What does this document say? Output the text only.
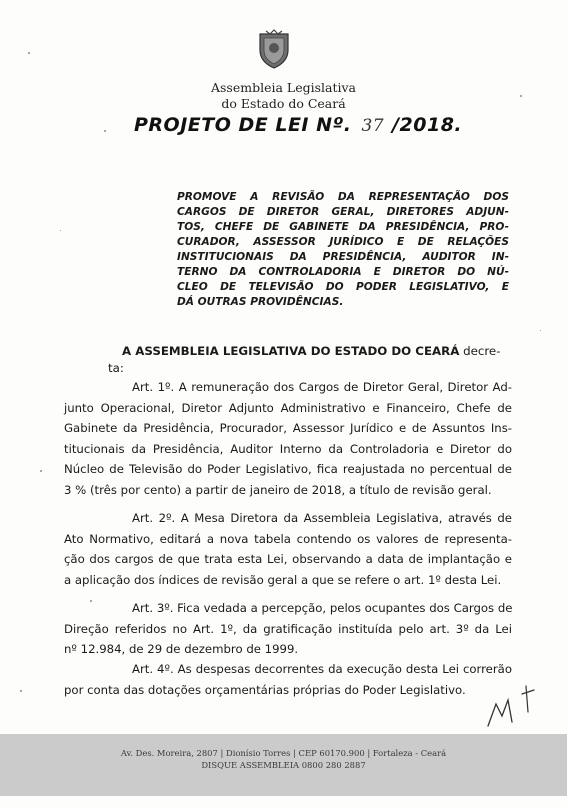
Assembleia Legislativa
do Estado do Ceará
PROJETO DE LEI Nº. 37 /2018.
PROMOVE A REVISÃO DA REPRESENTAÇÃO DOS
CARGOS DE DIRETOR GERAL, DIRETORES ADJUN-
TOS, CHEFE DE GABINETE DA PRESIDÊNCIA, PRO-
CURADOR, ASSESSOR JURÍDICO E DE RELAÇÕES
INSTITUCIONAIS DA PRESIDÊNCIA, AUDITOR IN-
TERNO DA CONTROLADORIA E DIRETOR DO NÚ-
CLEO DE TELEVISÃO DO PODER LEGISLATIVO, E
DÁ OUTRAS PROVIDÊNCIAS.
A ASSEMBLEIA LEGISLATIVA DO ESTADO DO CEARÁ decre-
ta:
Art. 1º. A remuneração dos Cargos de Diretor Geral, Diretor Ad-
junto Operacional, Diretor Adjunto Administrativo e Financeiro, Chefe de
Gabinete da Presidência, Procurador, Assessor Jurídico e de Assuntos Ins-
titucionais da Presidência, Auditor Interno da Controladoria e Diretor do
Núcleo de Televisão do Poder Legislativo, fica reajustada no percentual de
3 % (três por cento) a partir de janeiro de 2018, a título de revisão geral.
Art. 2º. A Mesa Diretora da Assembleia Legislativa, através de
Ato Normativo, editará a nova tabela contendo os valores de representa-
ção dos cargos de que trata esta Lei, observando a data de implantação e
a aplicação dos índices de revisão geral a que se refere o art. 1º desta Lei.
Art. 3º. Fica vedada a percepção, pelos ocupantes dos Cargos de
Direção referidos no Art. 1º, da gratificação instituída pelo art. 3º da Lei
nº 12.984, de 29 de dezembro de 1999.
Art. 4º. As despesas decorrentes da execução desta Lei correrão
por conta das dotações orçamentárias próprias do Poder Legislativo.
Av. Des. Moreira, 2807 | Dionísio Torres | CEP 60170.900 | Fortaleza - Ceará
DISQUE ASSEMBLEIA 0800 280 2887
